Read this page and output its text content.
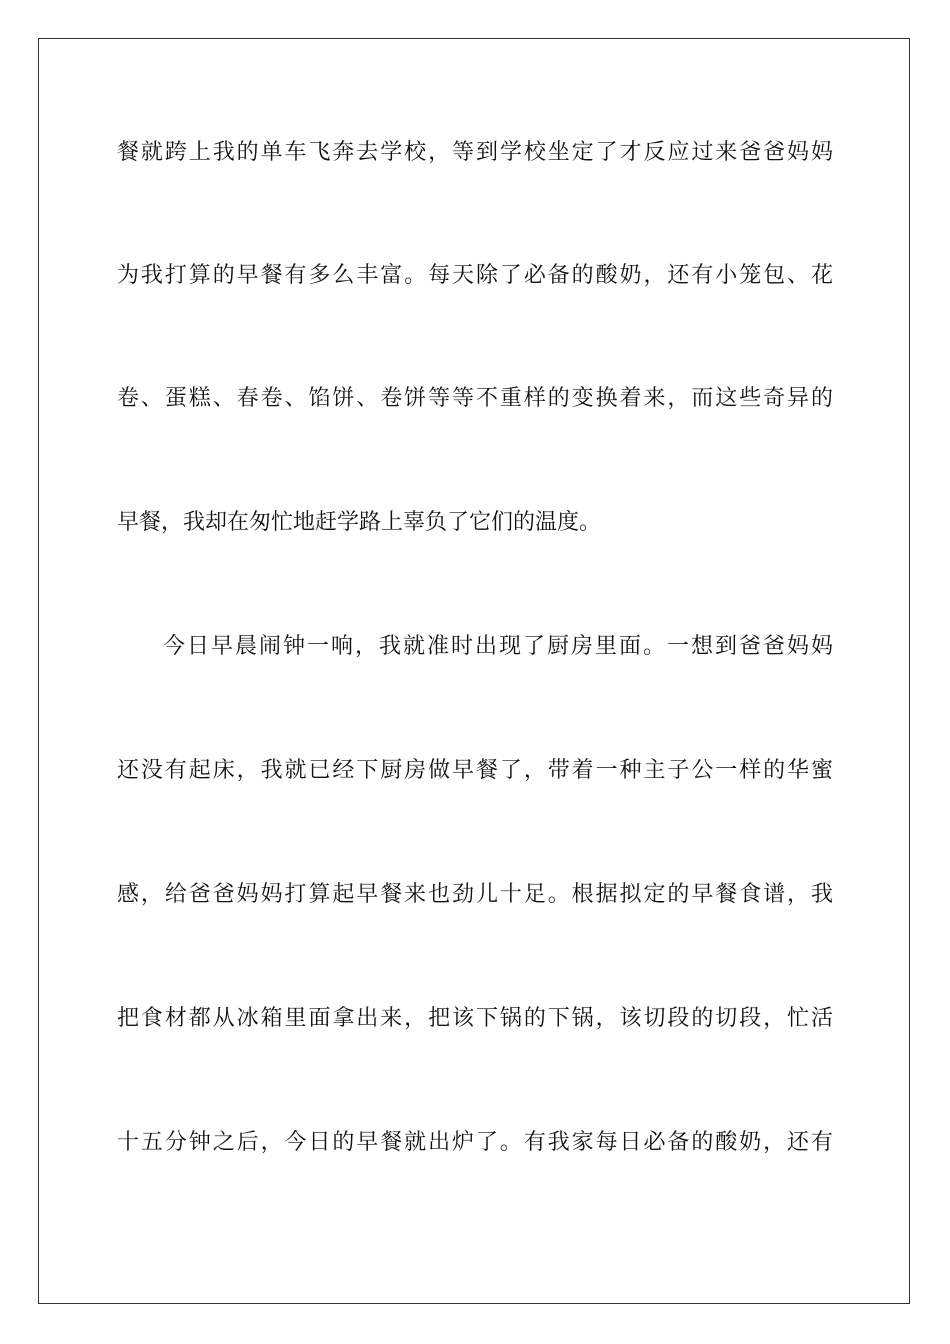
餐就跨上我的单车飞奔去学校，等到学校坐定了才反应过来爸爸妈妈
为我打算的早餐有多么丰富。每天除了必备的酸奶，还有小笼包、花
卷、蛋糕、春卷、馅饼、卷饼等等不重样的变换着来，而这些奇异的
早餐，我却在匆忙地赶学路上辜负了它们的温度。
今日早晨闹钟一响，我就准时出现了厨房里面。一想到爸爸妈妈
还没有起床，我就已经下厨房做早餐了，带着一种主子公一样的华蜜
感，给爸爸妈妈打算起早餐来也劲儿十足。根据拟定的早餐食谱，我
把食材都从冰箱里面拿出来，把该下锅的下锅，该切段的切段，忙活
十五分钟之后，今日的早餐就出炉了。有我家每日必备的酸奶，还有
